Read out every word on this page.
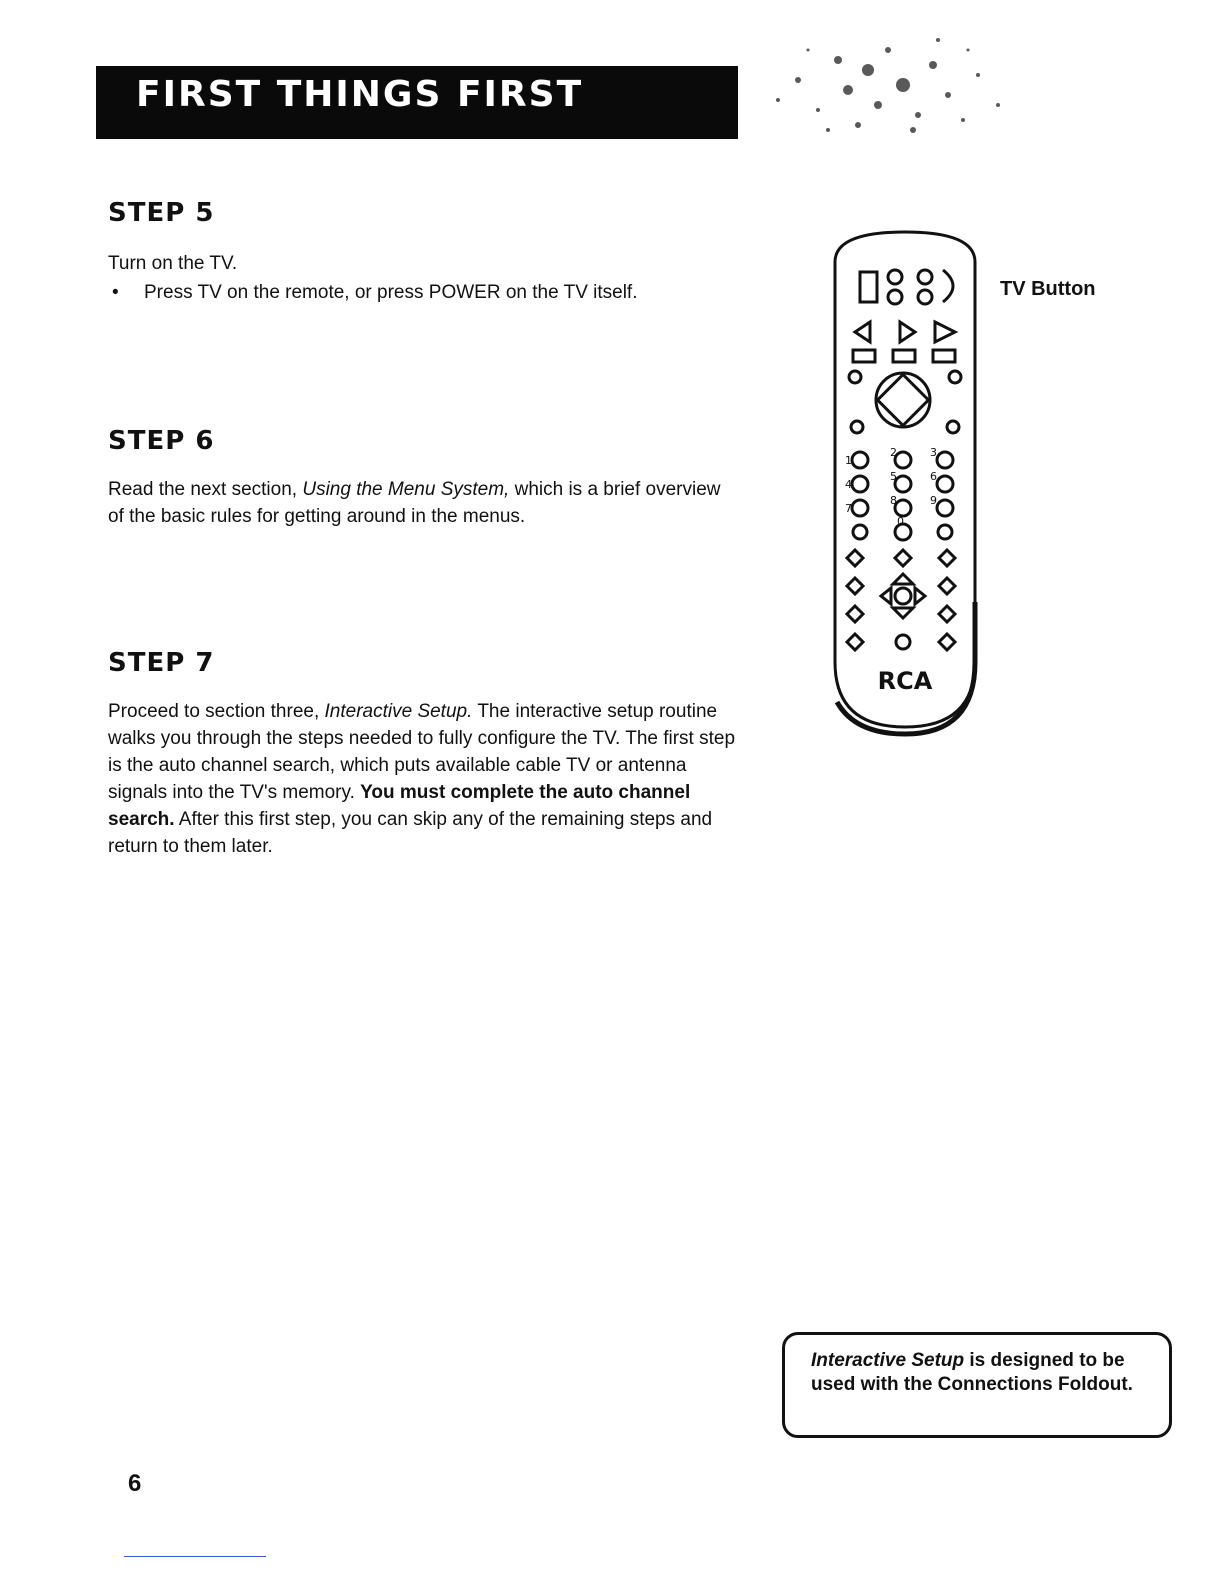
FIRST THINGS FIRST
STEP 5
Turn on the TV.
• Press TV on the remote, or press POWER on the TV itself.
STEP 6
Read the next section, Using the Menu System, which is a brief overview of the basic rules for getting around in the menus.
STEP 7
Proceed to section three, Interactive Setup. The interactive setup routine walks you through the steps needed to fully configure the TV. The first step is the auto channel search, which puts available cable TV or antenna signals into the TV's memory. You must complete the auto channel search. After this first step, you can skip any of the remaining steps and return to them later.
1
2	3
4
5	6
7
8	9
0
RCA
TV Button
Interactive Setup is designed to be used with the Connections Foldout.
6
